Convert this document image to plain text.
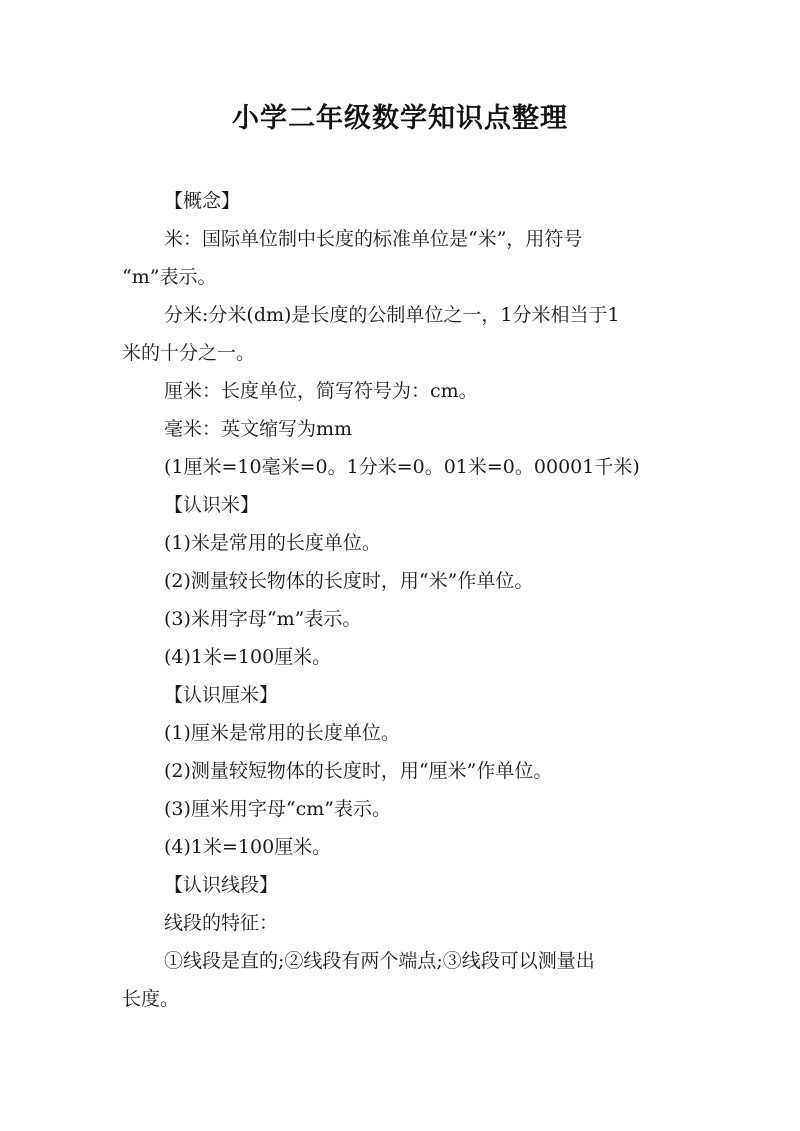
小学二年级数学知识点整理
【概念】
米：国际单位制中长度的标准单位是“米”，用符号
“m”表示。
分米:分米(dm)是长度的公制单位之一，1分米相当于1
米的十分之一。
厘米：长度单位，简写符号为：cm。
毫米：英文缩写为mm
(1厘米=10毫米=0。1分米=0。01米=0。00001千米)
【认识米】
(1)米是常用的长度单位。
(2)测量较长物体的长度时，用“米”作单位。
(3)米用字母“m”表示。
(4)1米=100厘米。
【认识厘米】
(1)厘米是常用的长度单位。
(2)测量较短物体的长度时，用“厘米”作单位。
(3)厘米用字母“cm”表示。
(4)1米=100厘米。
【认识线段】
线段的特征：
①线段是直的;②线段有两个端点;③线段可以测量出
长度。
